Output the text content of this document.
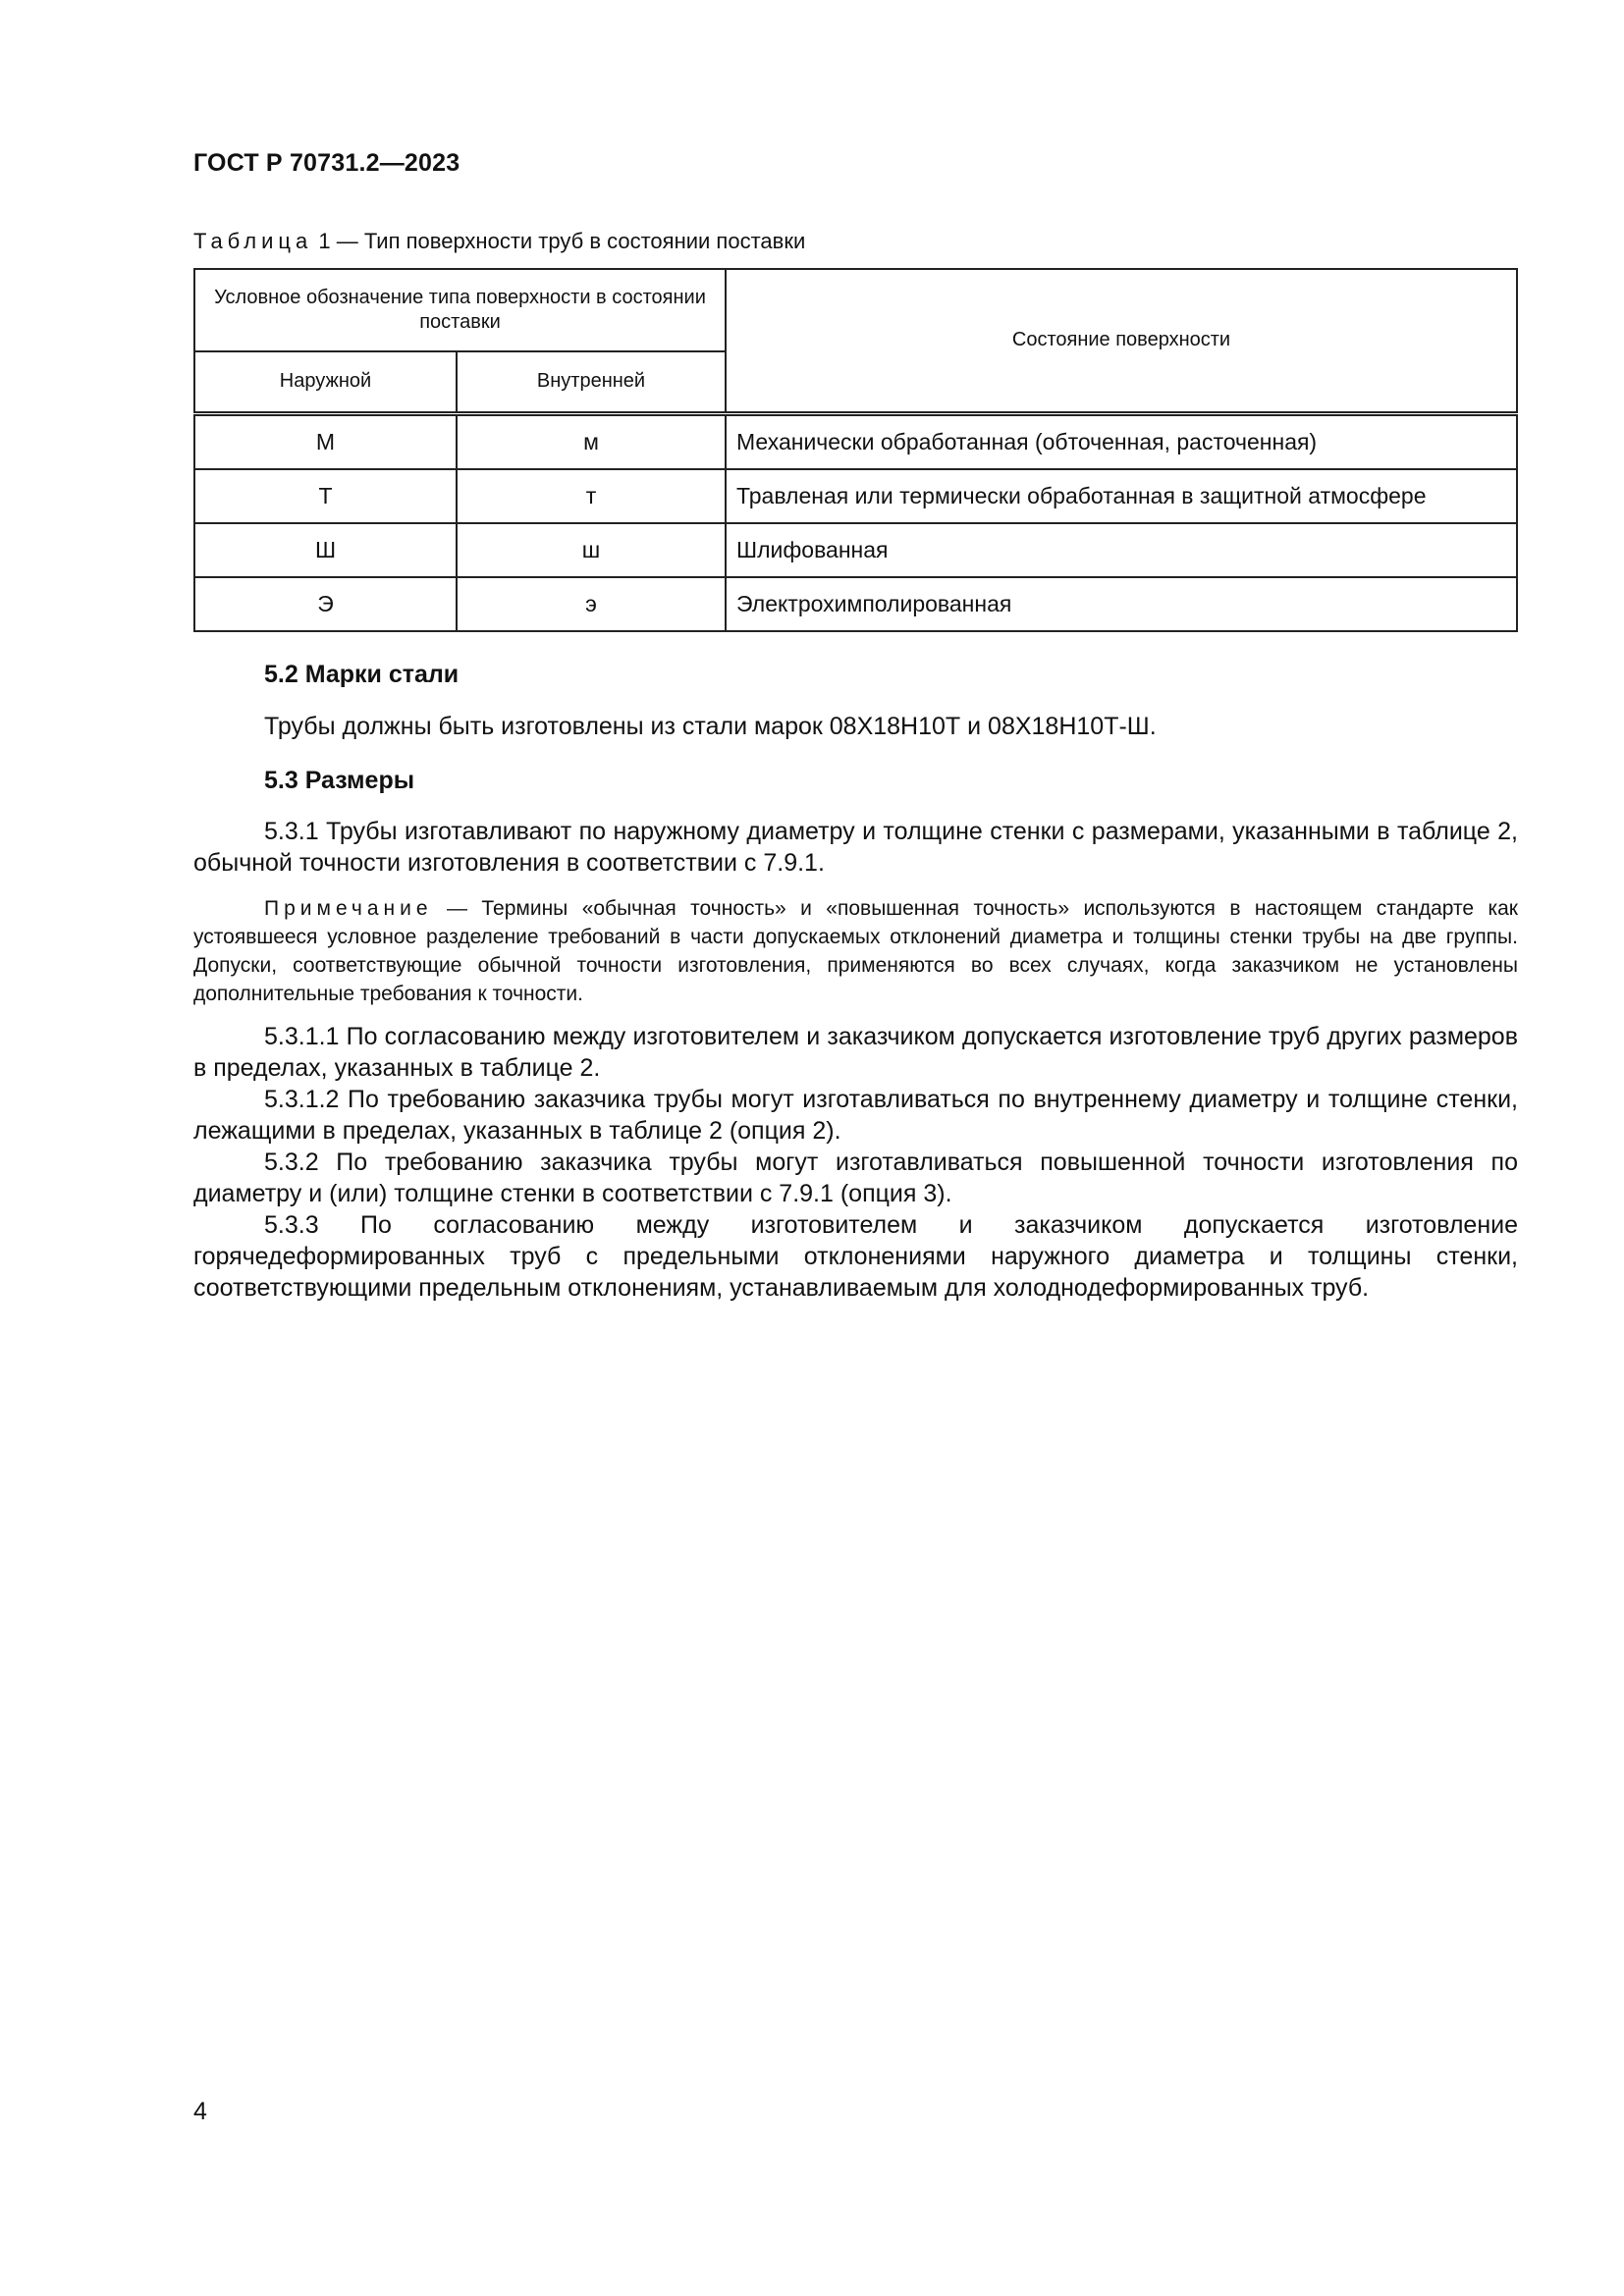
ГОСТ Р 70731.2—2023
Таблица 1 — Тип поверхности труб в состоянии поставки
Условное обозначение типа поверхности в состоянии поставки		Состояние поверхности
Наружной	Внутренней	
М	м	Механически обработанная (обточенная, расточенная)
Т	т	Травленая или термически обработанная в защитной атмосфере
Ш	ш	Шлифованная
Э	э	Электрохимполированная
5.2 Марки стали
Трубы должны быть изготовлены из стали марок 08Х18Н10Т и 08Х18Н10Т-Ш.
5.3 Размеры
5.3.1 Трубы изготавливают по наружному диаметру и толщине стенки с размерами, указанными в таблице 2, обычной точности изготовления в соответствии с 7.9.1.
Примечание — Термины «обычная точность» и «повышенная точность» используются в настоящем стандарте как устоявшееся условное разделение требований в части допускаемых отклонений диаметра и толщины стенки трубы на две группы. Допуски, соответствующие обычной точности изготовления, применяются во всех случаях, когда заказчиком не установлены дополнительные требования к точности.
5.3.1.1 По согласованию между изготовителем и заказчиком допускается изготовление труб других размеров в пределах, указанных в таблице 2.
5.3.1.2 По требованию заказчика трубы могут изготавливаться по внутреннему диаметру и толщине стенки, лежащими в пределах, указанных в таблице 2 (опция 2).
5.3.2 По требованию заказчика трубы могут изготавливаться повышенной точности изготовления по диаметру и (или) толщине стенки в соответствии с 7.9.1 (опция 3).
5.3.3 По согласованию между изготовителем и заказчиком допускается изготовление горячедеформированных труб с предельными отклонениями наружного диаметра и толщины стенки, соответствующими предельным отклонениям, устанавливаемым для холоднодеформированных труб.
4
